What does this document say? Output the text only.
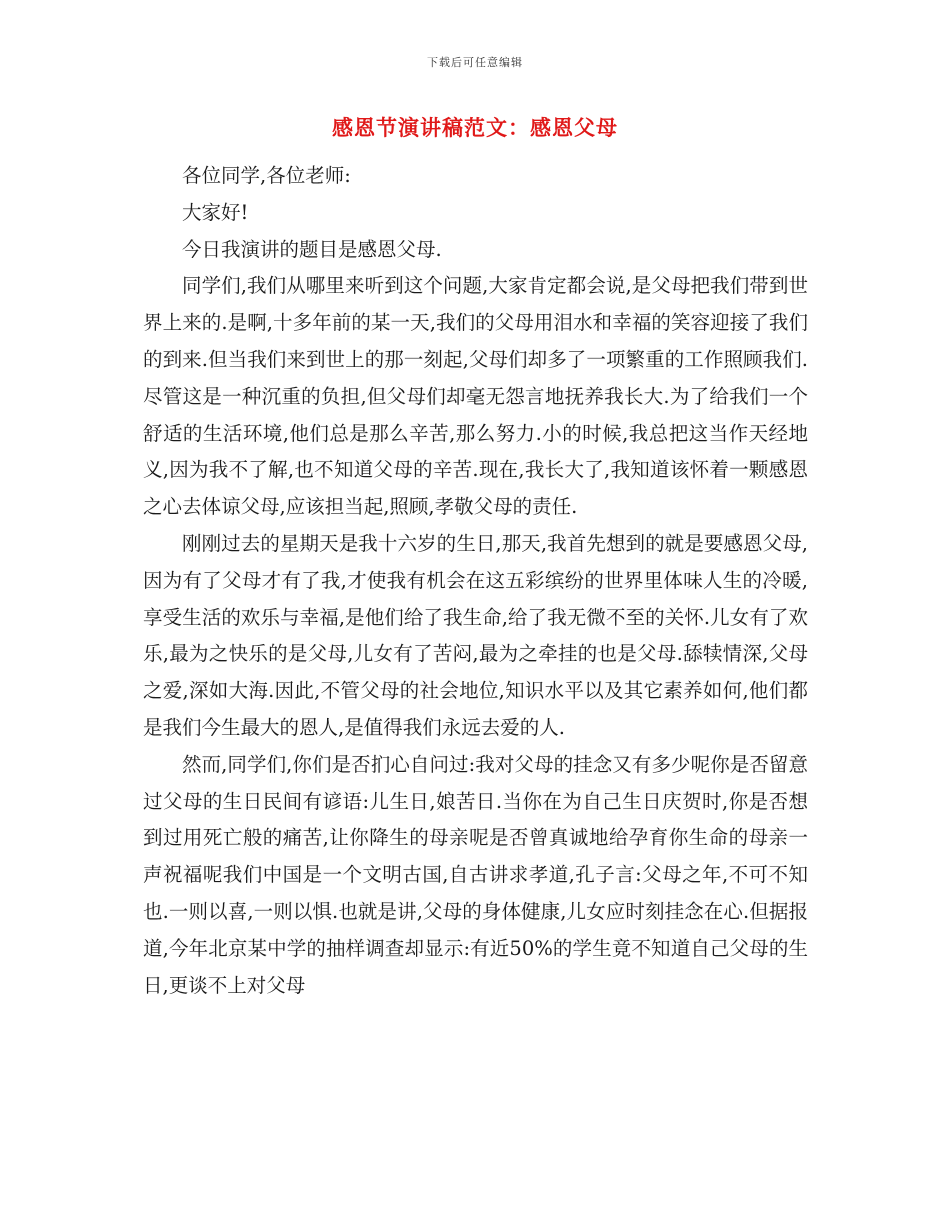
下载后可任意编辑
感恩节演讲稿范文：感恩父母

各位同学,各位老师:

大家好!

今日我演讲的题目是感恩父母.

同学们,我们从哪里来听到这个问题,大家肯定都会说,是父母把我们带到世界上来的.是啊,十多年前的某一天,我们的父母用泪水和幸福的笑容迎接了我们的到来.但当我们来到世上的那一刻起,父母们却多了一项繁重的工作照顾我们.尽管这是一种沉重的负担,但父母们却毫无怨言地抚养我长大.为了给我们一个舒适的生活环境,他们总是那么辛苦,那么努力.小的时候,我总把这当作天经地义,因为我不了解,也不知道父母的辛苦.现在,我长大了,我知道该怀着一颗感恩之心去体谅父母,应该担当起,照顾,孝敬父母的责任.

刚刚过去的星期天是我十六岁的生日,那天,我首先想到的就是要感恩父母,因为有了父母才有了我,才使我有机会在这五彩缤纷的世界里体味人生的冷暖,享受生活的欢乐与幸福,是他们给了我生命,给了我无微不至的关怀.儿女有了欢乐,最为之快乐的是父母,儿女有了苦闷,最为之牵挂的也是父母.舔犊情深,父母之爱,深如大海.因此,不管父母的社会地位,知识水平以及其它素养如何,他们都是我们今生最大的恩人,是值得我们永远去爱的人.

然而,同学们,你们是否扪心自问过:我对父母的挂念又有多少呢你是否留意过父母的生日民间有谚语:儿生日,娘苦日.当你在为自己生日庆贺时,你是否想到过用死亡般的痛苦,让你降生的母亲呢是否曾真诚地给孕育你生命的母亲一声祝福呢我们中国是一个文明古国,自古讲求孝道,孔子言:父母之年,不可不知也.一则以喜,一则以惧.也就是讲,父母的身体健康,儿女应时刻挂念在心.但据报道,今年北京某中学的抽样调查却显示:有近50%的学生竟不知道自己父母的生日,更谈不上对父母
